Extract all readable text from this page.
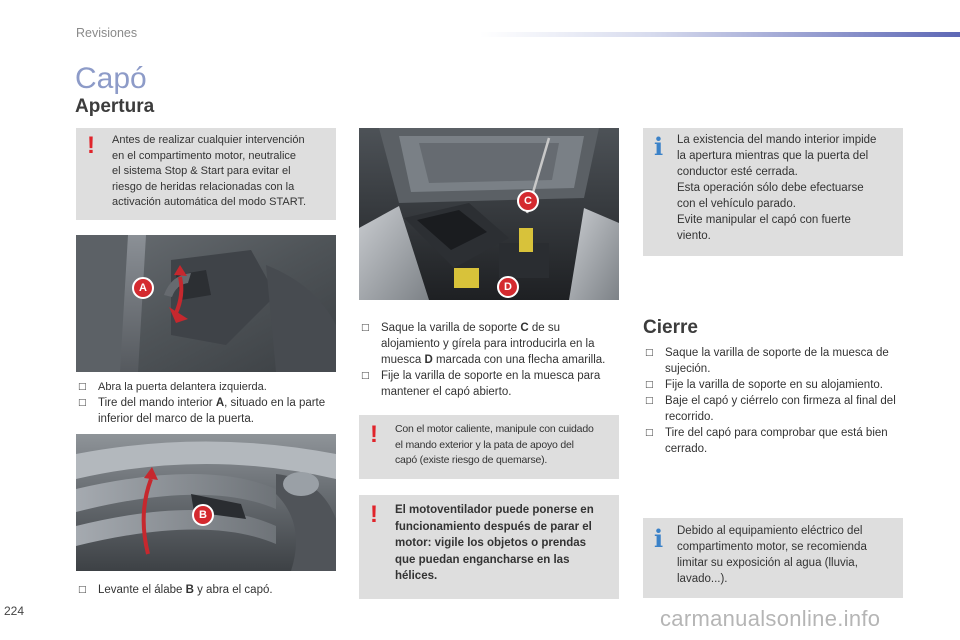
Revisiones
Capó
Apertura
! Antes de realizar cualquier intervención
en el compartimento motor, neutralice
el sistema Stop & Start para evitar el
riesgo de heridas relacionadas con la
activación automática del modo START.
A
□ Abra la puerta delantera izquierda.
□ Tire del mando interior A, situado en la parte inferior del marco de la puerta.
B
□ Levante el álabe B y abra el capó.
C
D
□ Saque la varilla de soporte C de su alojamiento y gírela para introducirla en la muesca D marcada con una flecha amarilla.
□ Fije la varilla de soporte en la muesca para mantener el capó abierto.
! Con el motor caliente, manipule con cuidado
el mando exterior y la pata de apoyo del
capó (existe riesgo de quemarse).
! El motoventilador puede ponerse en
funcionamiento después de parar el
motor: vigile los objetos o prendas
que puedan engancharse en las
hélices.
i La existencia del mando interior impide
la apertura mientras que la puerta del
conductor esté cerrada.
Esta operación sólo debe efectuarse
con el vehículo parado.
Evite manipular el capó con fuerte
viento.
Cierre
□ Saque la varilla de soporte de la muesca de sujeción.
□ Fije la varilla de soporte en su alojamiento.
□ Baje el capó y ciérrelo con firmeza al final del recorrido.
□ Tire del capó para comprobar que está bien cerrado.
i Debido al equipamiento eléctrico del
compartimento motor, se recomienda
limitar su exposición al agua (lluvia,
lavado...).
224	carmanualsonline.info
